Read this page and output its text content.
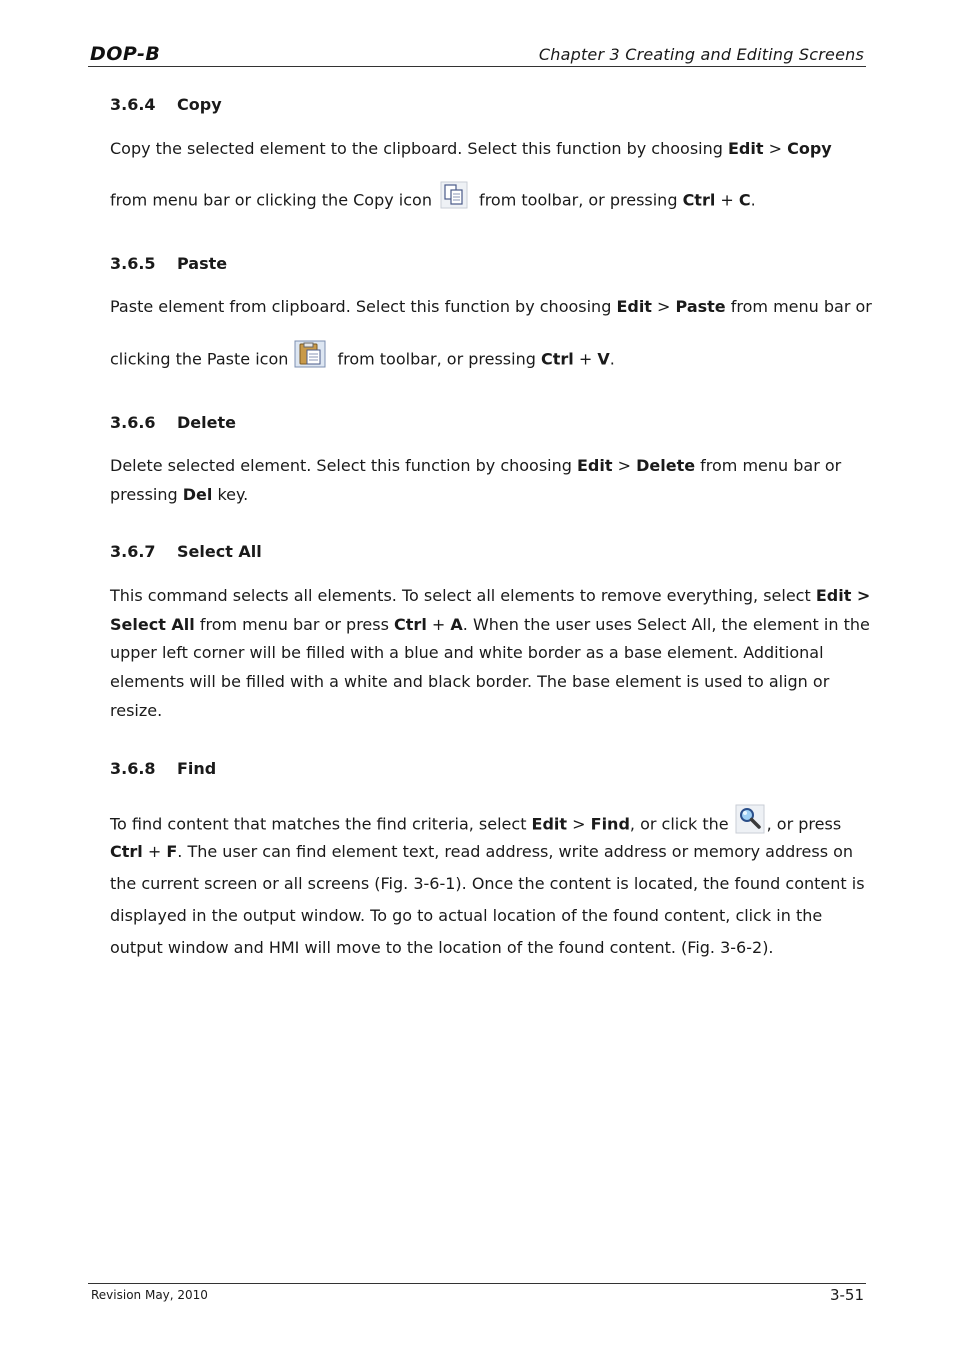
DOP-B	Chapter 3 Creating and Editing Screens
3.6.4 Copy
Copy the selected element to the clipboard. Select this function by choosing Edit > Copy
from menu bar or clicking the Copy icon	from toolbar, or pressing Ctrl + C.
3.6.5 Paste
Paste element from clipboard. Select this function by choosing Edit > Paste from menu bar or
clicking the Paste icon	from toolbar, or pressing Ctrl + V.
3.6.6 Delete
Delete selected element. Select this function by choosing Edit > Delete from menu bar or
pressing Del key.
3.6.7 Select All
This command selects all elements. To select all elements to remove everything, select Edit >
Select All from menu bar or press Ctrl + A. When the user uses Select All, the element in the
upper left corner will be filled with a blue and white border as a base element. Additional
elements will be filled with a white and black border. The base element is used to align or
resize.
3.6.8 Find
To find content that matches the find criteria, select Edit > Find, or click the , or press
Ctrl + F. The user can find element text, read address, write address or memory address on
the current screen or all screens (Fig. 3-6-1). Once the content is located, the found content is
displayed in the output window. To go to actual location of the found content, click in the
output window and HMI will move to the location of the found content. (Fig. 3-6-2).
Revision May, 2010	3-51
